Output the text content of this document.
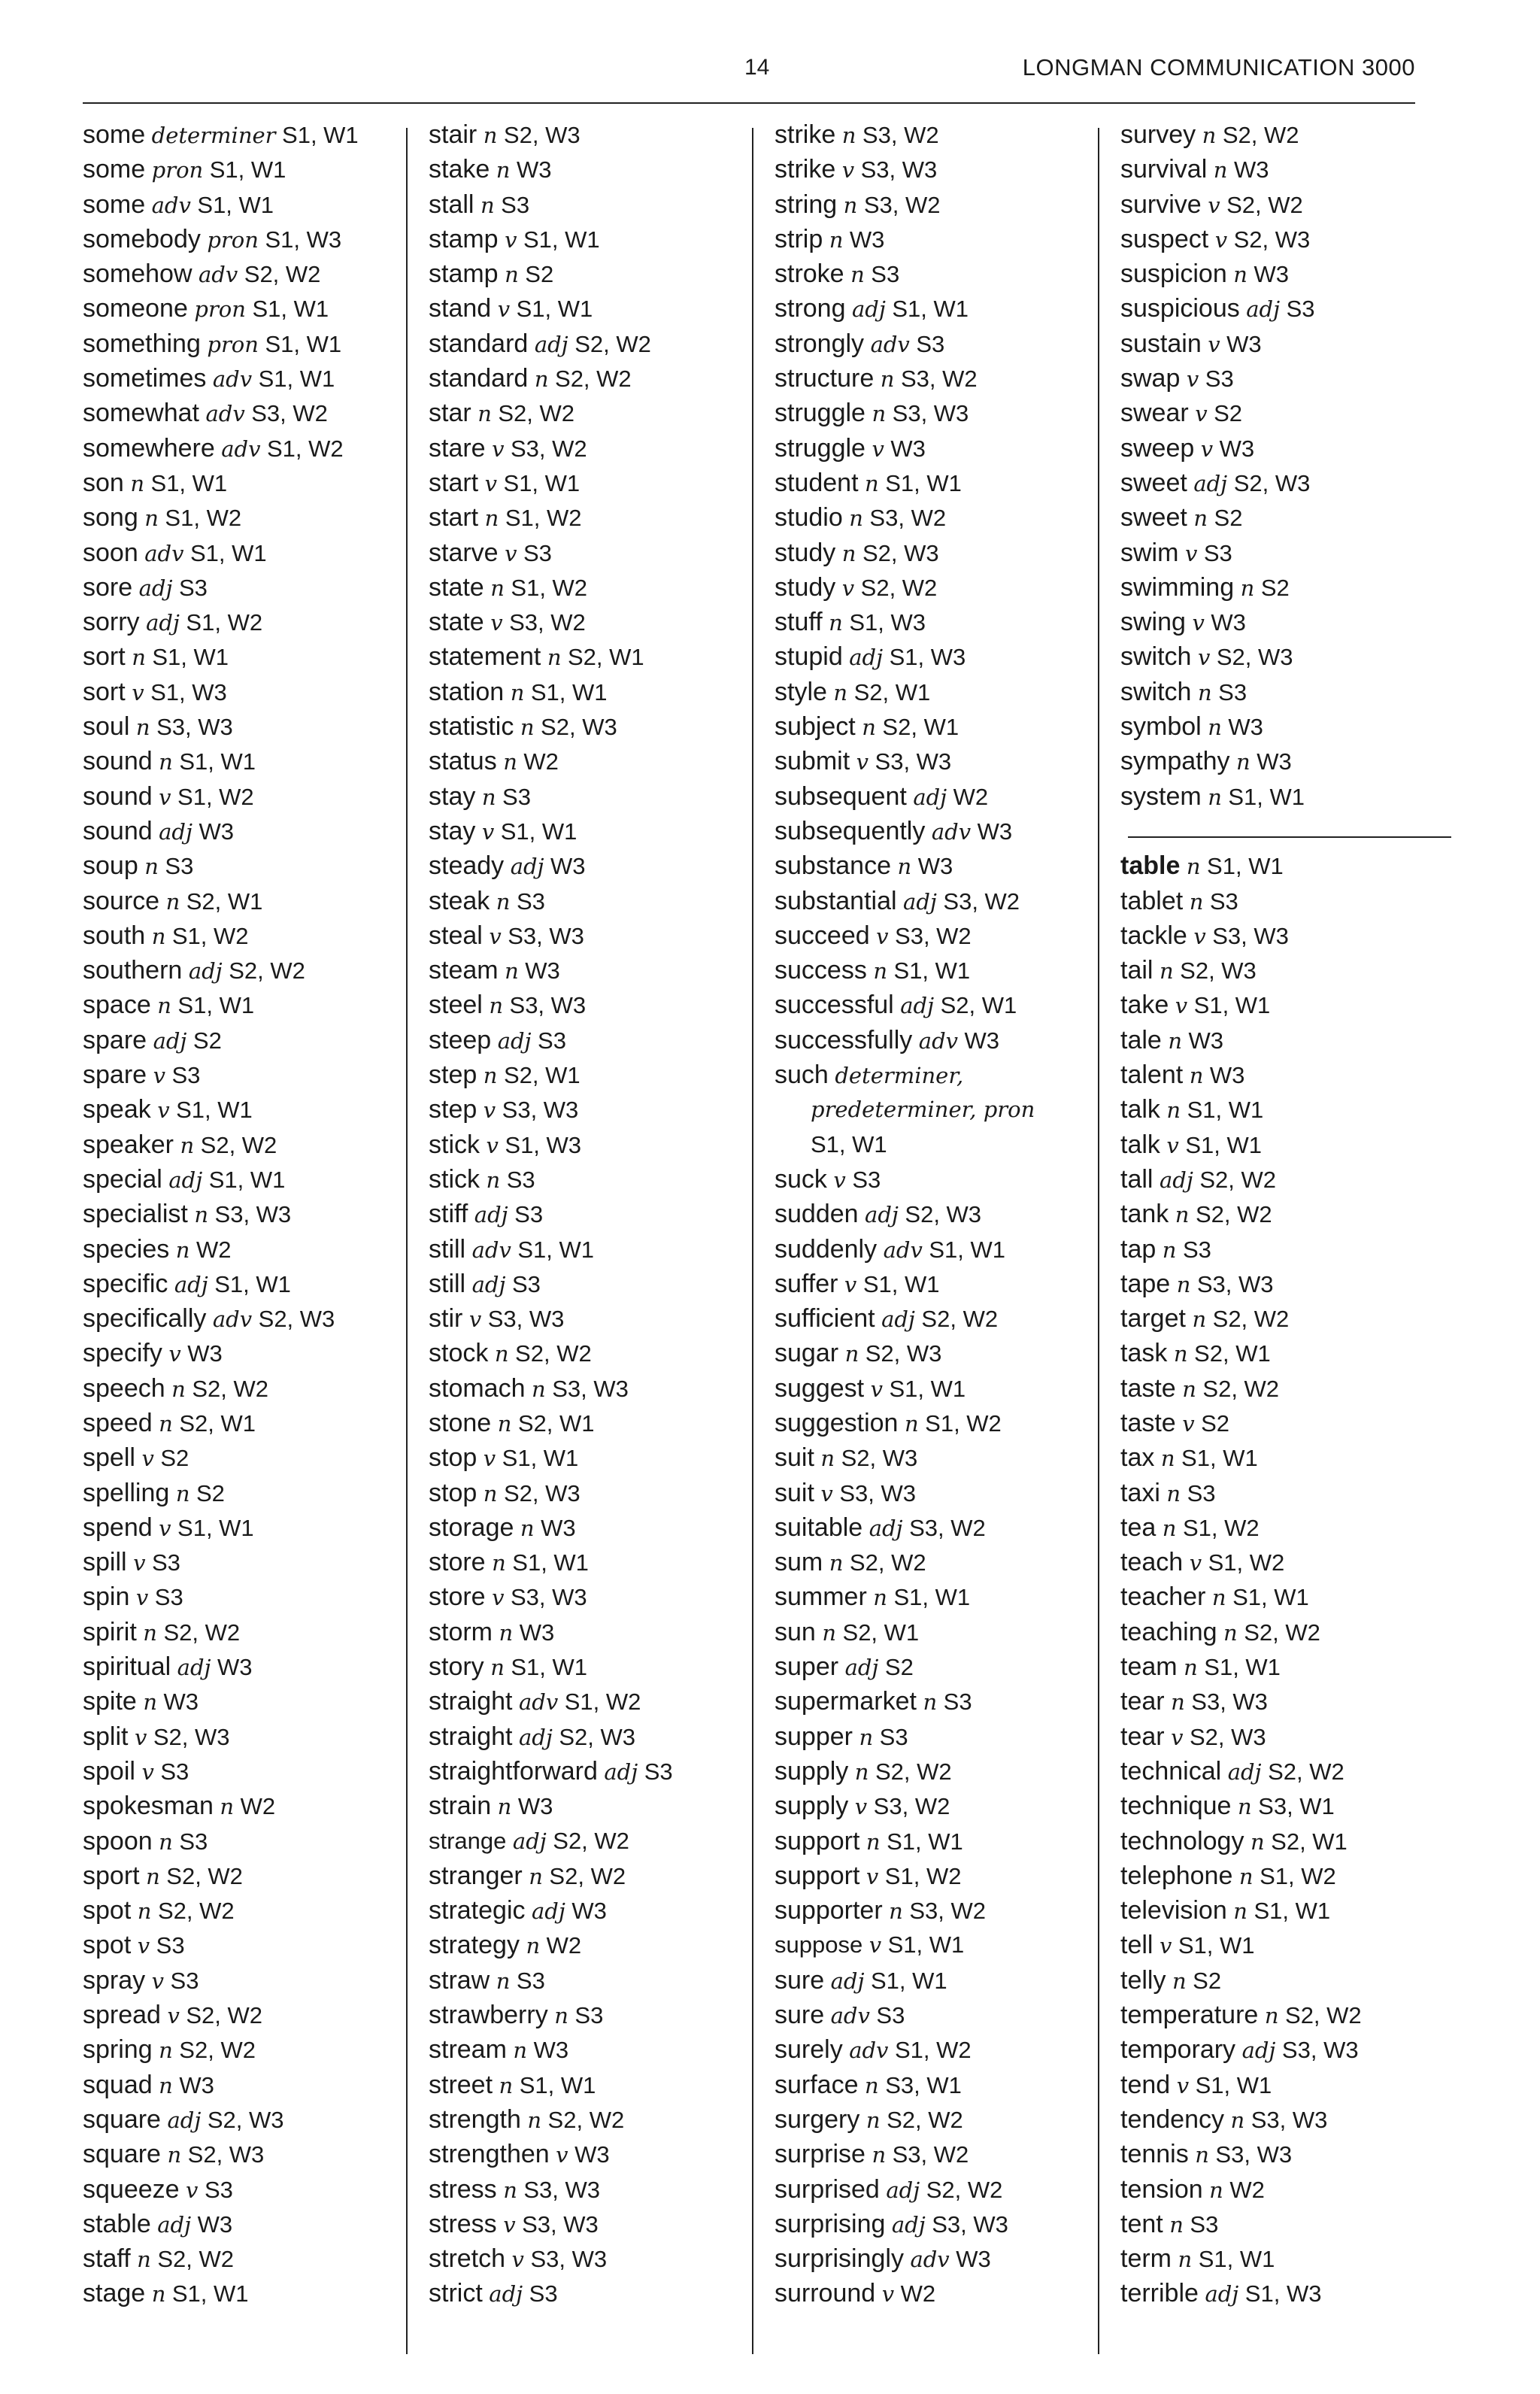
14	LONGMAN COMMUNICATION 3000
some determiner S1, W1
some pron S1, W1
some adv S1, W1
somebody pron S1, W3
somehow adv S2, W2
someone pron S1, W1
something pron S1, W1
sometimes adv S1, W1
somewhat adv S3, W2
somewhere adv S1, W2
son n S1, W1
song n S1, W2
soon adv S1, W1
sore adj S3
sorry adj S1, W2
sort n S1, W1
sort v S1, W3
soul n S3, W3
sound n S1, W1
sound v S1, W2
sound adj W3
soup n S3
source n S2, W1
south n S1, W2
southern adj S2, W2
space n S1, W1
spare adj S2
spare v S3
speak v S1, W1
speaker n S2, W2
special adj S1, W1
specialist n S3, W3
species n W2
specific adj S1, W1
specifically adv S2, W3
specify v W3
speech n S2, W2
speed n S2, W1
spell v S2
spelling n S2
spend v S1, W1
spill v S3
spin v S3
spirit n S2, W2
spiritual adj W3
spite n W3
split v S2, W3
spoil v S3
spokesman n W2
spoon n S3
sport n S2, W2
spot n S2, W2
spot v S3
spray v S3
spread v S2, W2
spring n S2, W2
squad n W3
square adj S2, W3
square n S2, W3
squeeze v S3
stable adj W3
staff n S2, W2
stage n S1, W1
stair n S2, W3
stake n W3
stall n S3
stamp v S1, W1
stamp n S2
stand v S1, W1
standard adj S2, W2
standard n S2, W2
star n S2, W2
stare v S3, W2
start v S1, W1
start n S1, W2
starve v S3
state n S1, W2
state v S3, W2
statement n S2, W1
station n S1, W1
statistic n S2, W3
status n W2
stay n S3
stay v S1, W1
steady adj W3
steak n S3
steal v S3, W3
steam n W3
steel n S3, W3
steep adj S3
step n S2, W1
step v S3, W3
stick v S1, W3
stick n S3
stiff adj S3
still adv S1, W1
still adj S3
stir v S3, W3
stock n S2, W2
stomach n S3, W3
stone n S2, W1
stop v S1, W1
stop n S2, W3
storage n W3
store n S1, W1
store v S3, W3
storm n W3
story n S1, W1
straight adv S1, W2
straight adj S2, W3
straightforward adj S3
strain n W3
strange adj S2, W2
stranger n S2, W2
strategic adj W3
strategy n W2
straw n S3
strawberry n S3
stream n W3
street n S1, W1
strength n S2, W2
strengthen v W3
stress n S3, W3
stress v S3, W3
stretch v S3, W3
strict adj S3
strike n S3, W2
strike v S3, W3
string n S3, W2
strip n W3
stroke n S3
strong adj S1, W1
strongly adv S3
structure n S3, W2
struggle n S3, W3
struggle v W3
student n S1, W1
studio n S3, W2
study n S2, W3
study v S2, W2
stuff n S1, W3
stupid adj S1, W3
style n S2, W1
subject n S2, W1
submit v S3, W3
subsequent adj W2
subsequently adv W3
substance n W3
substantial adj S3, W2
succeed v S3, W2
success n S1, W1
successful adj S2, W1
successfully adv W3
such determiner,
predeterminer, pron
S1, W1
suck v S3
sudden adj S2, W3
suddenly adv S1, W1
suffer v S1, W1
sufficient adj S2, W2
sugar n S2, W3
suggest v S1, W1
suggestion n S1, W2
suit n S2, W3
suit v S3, W3
suitable adj S3, W2
sum n S2, W2
summer n S1, W1
sun n S2, W1
super adj S2
supermarket n S3
supper n S3
supply n S2, W2
supply v S3, W2
support n S1, W1
support v S1, W2
supporter n S3, W2
suppose v S1, W1
sure adj S1, W1
sure adv S3
surely adv S1, W2
surface n S3, W1
surgery n S2, W2
surprise n S3, W2
surprised adj S2, W2
surprising adj S3, W3
surprisingly adv W3
surround v W2
survey n S2, W2
survival n W3
survive v S2, W2
suspect v S2, W3
suspicion n W3
suspicious adj S3
sustain v W3
swap v S3
swear v S2
sweep v W3
sweet adj S2, W3
sweet n S2
swim v S3
swimming n S2
swing v W3
switch v S2, W3
switch n S3
symbol n W3
sympathy n W3
system n S1, W1
table n S1, W1
tablet n S3
tackle v S3, W3
tail n S2, W3
take v S1, W1
tale n W3
talent n W3
talk n S1, W1
talk v S1, W1
tall adj S2, W2
tank n S2, W2
tap n S3
tape n S3, W3
target n S2, W2
task n S2, W1
taste n S2, W2
taste v S2
tax n S1, W1
taxi n S3
tea n S1, W2
teach v S1, W2
teacher n S1, W1
teaching n S2, W2
team n S1, W1
tear n S3, W3
tear v S2, W3
technical adj S2, W2
technique n S3, W1
technology n S2, W1
telephone n S1, W2
television n S1, W1
tell v S1, W1
telly n S2
temperature n S2, W2
temporary adj S3, W3
tend v S1, W1
tendency n S3, W3
tennis n S3, W3
tension n W2
tent n S3
term n S1, W1
terrible adj S1, W3
